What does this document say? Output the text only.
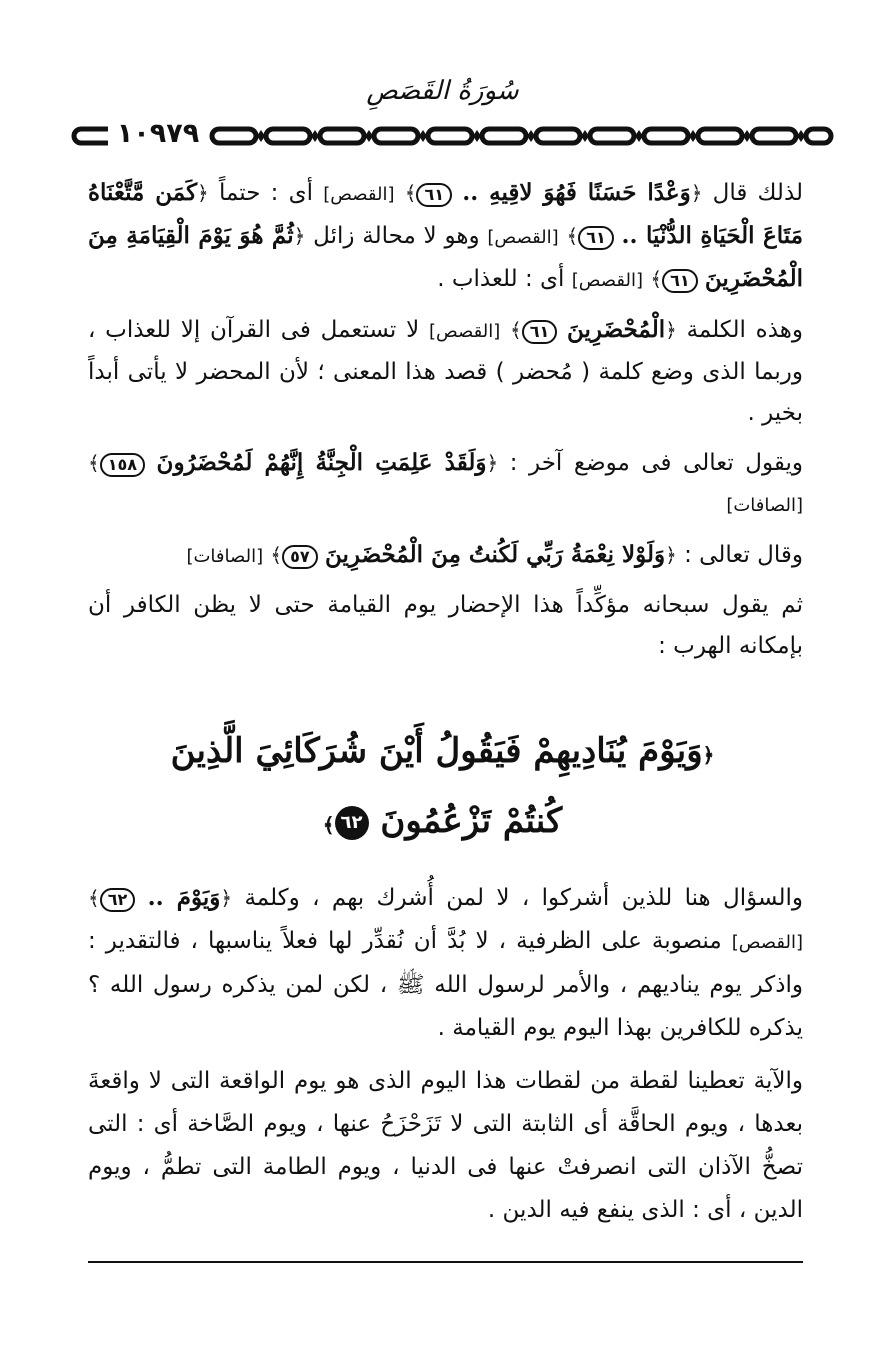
سُورَةُ القَصَصِ
١٠٩٧٩

لذلك قال ﴿وَعْدًا حَسَنًا فَهُوَ لاقِيهِ .. ٦١﴾ [القصص] أى : حتماً ﴿كَمَن مَّتَّعْنَاهُ مَتَاعَ الْحَيَاةِ الدُّنْيَا .. ٦١﴾ [القصص] وهو لا محالة زائل ﴿ثُمَّ هُوَ يَوْمَ الْقِيَامَةِ مِنَ الْمُحْضَرِينَ ٦١﴾ [القصص] أى : للعذاب .

وهذه الكلمة ﴿الْمُحْضَرِينَ ٦١﴾ [القصص] لا تستعمل فى القرآن إلا للعذاب ، وربما الذى وضع كلمة ( مُحضر ) قصد هذا المعنى ؛ لأن المحضر لا يأتى أبداً بخير .

ويقول تعالى فى موضع آخر : ﴿وَلَقَدْ عَلِمَتِ الْجِنَّةُ إِنَّهُمْ لَمُحْضَرُونَ ١٥٨﴾ [الصافات]

وقال تعالى : ﴿وَلَوْلا نِعْمَةُ رَبِّي لَكُنتُ مِنَ الْمُحْضَرِينَ ٥٧﴾ [الصافات]

ثم يقول سبحانه مؤكِّداً هذا الإحضار يوم القيامة حتى لا يظن الكافر أن بإمكانه الهرب :

﴿وَيَوْمَ يُنَادِيهِمْ فَيَقُولُ أَيْنَ شُرَكَائِيَ الَّذِينَ
كُنتُمْ تَزْعُمُونَ ٦٢﴾

والسؤال هنا للذين أشركوا ، لا لمن أُشرك بهم ، وكلمة ﴿وَيَوْمَ .. ٦٢﴾ [القصص] منصوبة على الظرفية ، لا بُدَّ أن نُقدِّر لها فعلاً يناسبها ، فالتقدير : واذكر يوم يناديهم ، والأمر لرسول الله ﷺ ، لكن لمن يذكره رسول الله ؟ يذكره للكافرين بهذا اليوم يوم القيامة .

والآية تعطينا لقطة من لقطات هذا اليوم الذى هو يوم الواقعة التى لا واقعةَ بعدها ، ويوم الحاقَّة أى الثابتة التى لا تَزَحْزَحُ عنها ، ويوم الصَّاخة أى : التى تصخُّ الآذان التى انصرفتْ عنها فى الدنيا ، ويوم الطامة التى تطمُّ ، ويوم الدين ، أى : الذى ينفع فيه الدين .
